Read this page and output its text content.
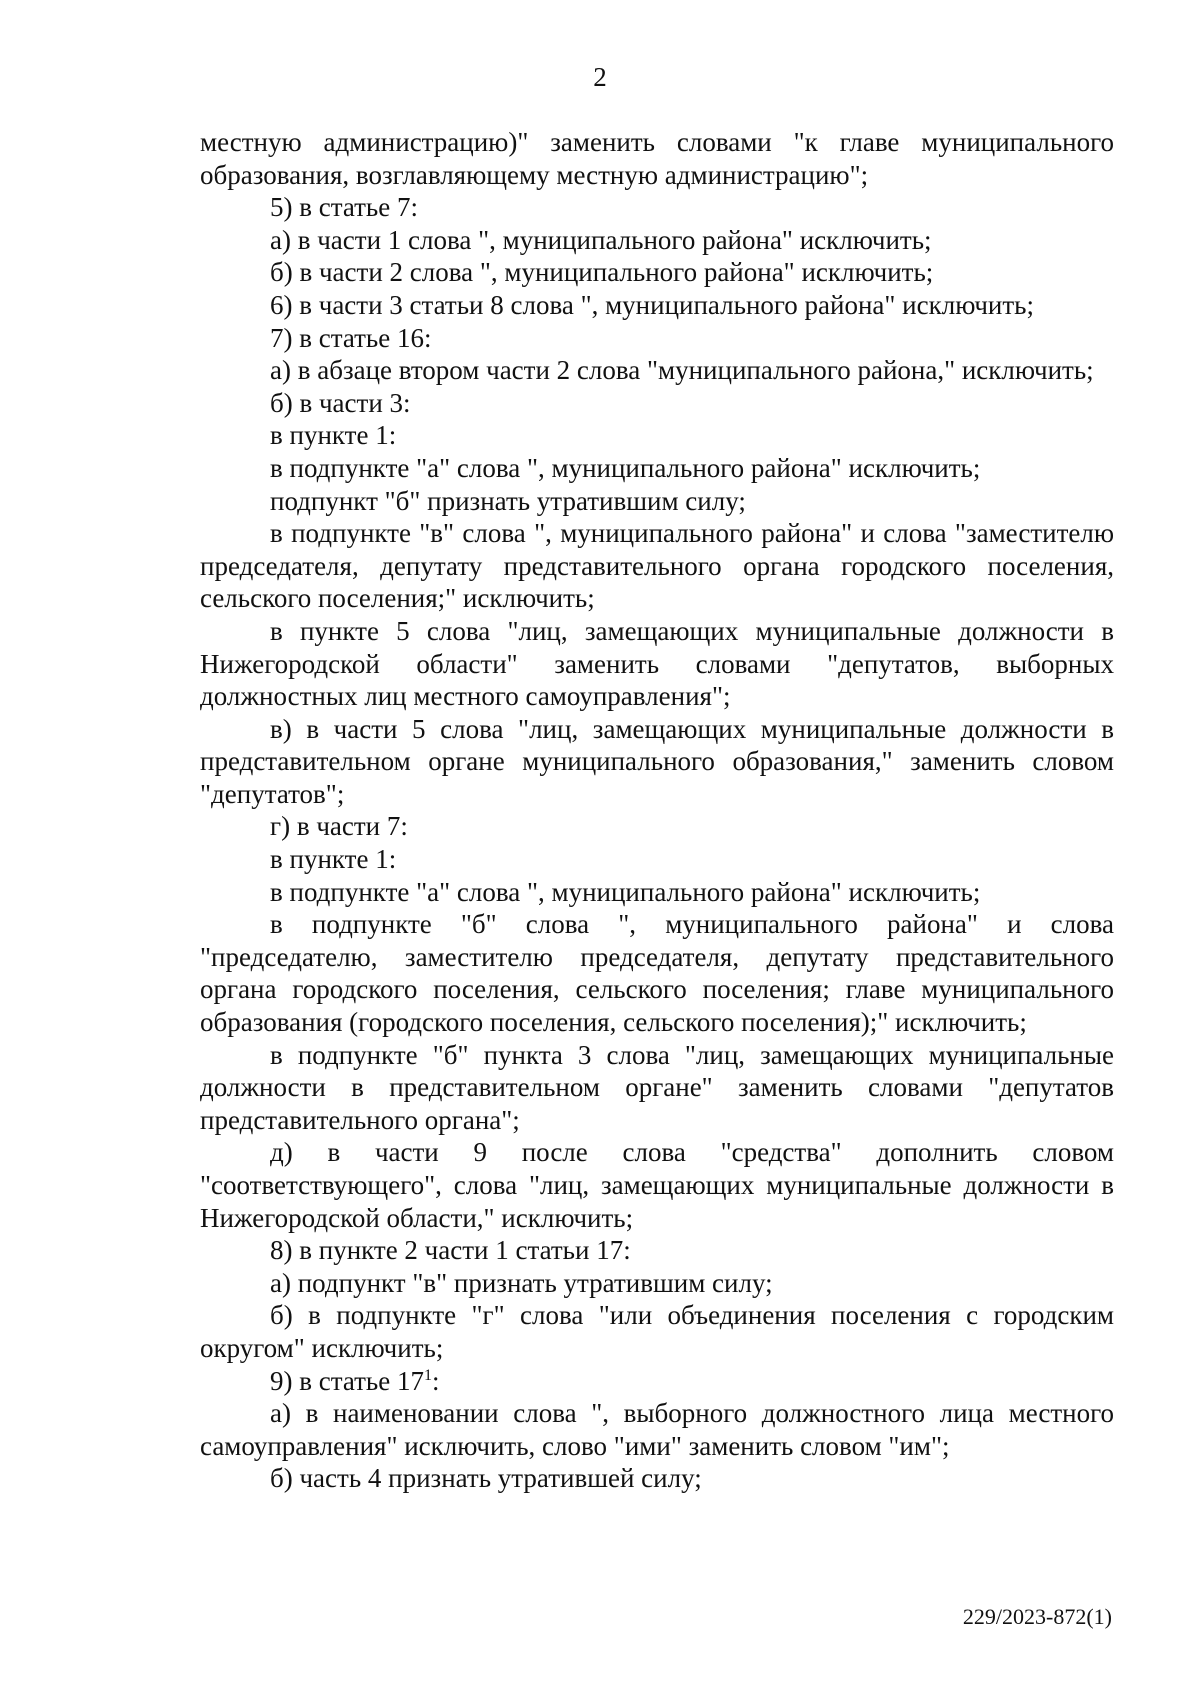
2

местную администрацию)" заменить словами "к главе муниципального образования, возглавляющему местную администрацию";

5) в статье 7:

а) в части 1 слова ", муниципального района" исключить;

б) в части 2 слова ", муниципального района" исключить;

6) в части 3 статьи 8 слова ", муниципального района" исключить;

7) в статье 16:

а) в абзаце втором части 2 слова "муниципального района," исключить;

б) в части 3:

в пункте 1:

в подпункте "а" слова ", муниципального района" исключить;

подпункт "б" признать утратившим силу;

в подпункте "в" слова ", муниципального района" и слова "заместителю председателя, депутату представительного органа городского поселения, сельского поселения;" исключить;

в пункте 5 слова "лиц, замещающих муниципальные должности в Нижегородской области" заменить словами "депутатов, выборных должностных лиц местного самоуправления";

в) в части 5 слова "лиц, замещающих муниципальные должности в представительном органе муниципального образования," заменить словом "депутатов";

г) в части 7:

в пункте 1:

в подпункте "а" слова ", муниципального района" исключить;

в подпункте "б" слова ", муниципального района" и слова "председателю, заместителю председателя, депутату представительного органа городского поселения, сельского поселения; главе муниципального образования (городского поселения, сельского поселения);" исключить;

в подпункте "б" пункта 3 слова "лиц, замещающих муниципальные должности в представительном органе" заменить словами "депутатов представительного органа";

д) в части 9 после слова "средства" дополнить словом "соответствующего", слова "лиц, замещающих муниципальные должности в Нижегородской области," исключить;

8) в пункте 2 части 1 статьи 17:

а) подпункт "в" признать утратившим силу;

б) в подпункте "г" слова "или объединения поселения с городским округом" исключить;

9) в статье $17^1$:

а) в наименовании слова ", выборного должностного лица местного самоуправления" исключить, слово "ими" заменить словом "им";

б) часть 4 признать утратившей силу;

229/2023-872(1)
